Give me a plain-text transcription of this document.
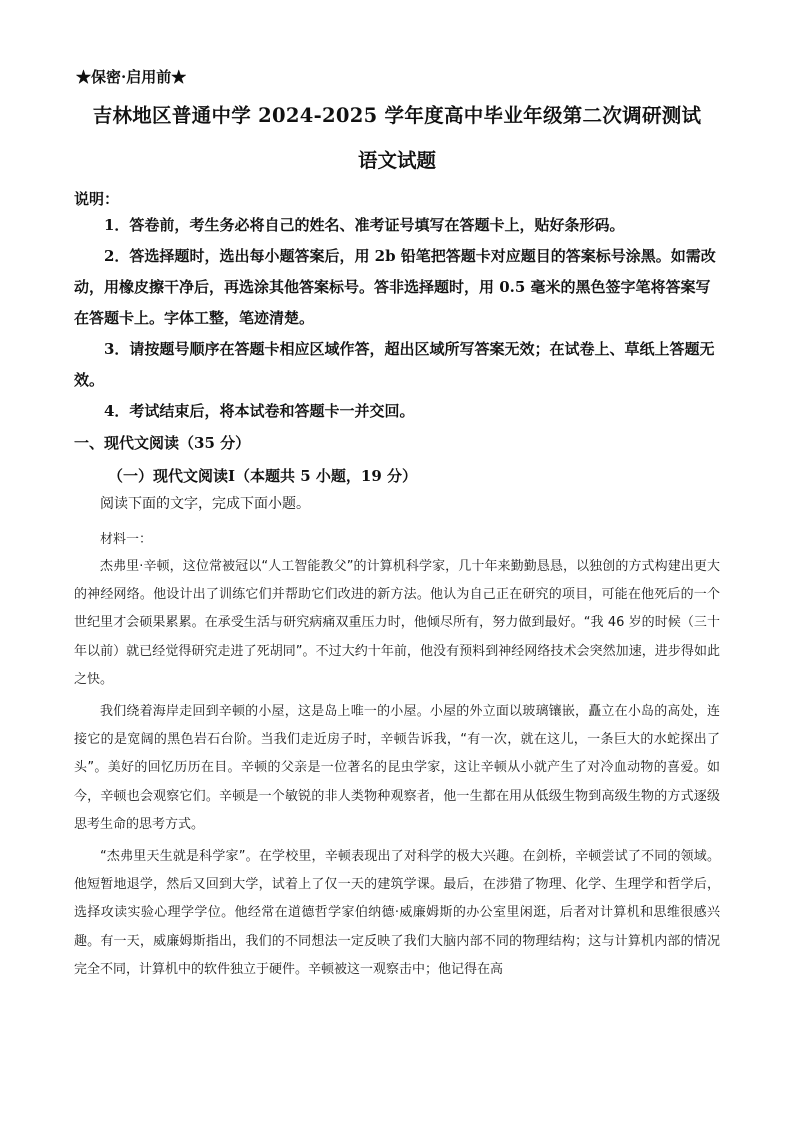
★保密·启用前★
吉林地区普通中学 2024-2025 学年度高中毕业年级第二次调研测试
语文试题
说明：

1．答卷前，考生务必将自己的姓名、准考证号填写在答题卡上，贴好条形码。

2．答选择题时，选出每小题答案后，用 2b 铅笔把答题卡对应题目的答案标号涂黑。如需改动，用橡皮擦干净后，再选涂其他答案标号。答非选择题时，用 0.5 毫米的黑色签字笔将答案写在答题卡上。字体工整，笔迹清楚。

3．请按题号顺序在答题卡相应区域作答，超出区域所写答案无效；在试卷上、草纸上答题无效。

4．考试结束后，将本试卷和答题卡一并交回。

一、现代文阅读（35 分）
（一）现代文阅读Ⅰ（本题共 5 小题，19 分）
阅读下面的文字，完成下面小题。
材料一：

杰弗里·辛顿，这位常被冠以“人工智能教父”的计算机科学家，几十年来勤勤恳恳，以独创的方式构建出更大的神经网络。他设计出了训练它们并帮助它们改进的新方法。他认为自己正在研究的项目，可能在他死后的一个世纪里才会硕果累累。在承受生活与研究病痛双重压力时，他倾尽所有，努力做到最好。“我 46 岁的时候（三十年以前）就已经觉得研究走进了死胡同”。不过大约十年前，他没有预料到神经网络技术会突然加速，进步得如此之快。

我们绕着海岸走回到辛顿的小屋，这是岛上唯一的小屋。小屋的外立面以玻璃镶嵌，矗立在小岛的高处，连接它的是宽阔的黑色岩石台阶。当我们走近房子时，辛顿告诉我，“有一次，就在这儿，一条巨大的水蛇探出了头”。美好的回忆历历在目。辛顿的父亲是一位著名的昆虫学家，这让辛顿从小就产生了对冷血动物的喜爱。如今，辛顿也会观察它们。辛顿是一个敏锐的非人类物种观察者，他一生都在用从低级生物到高级生物的方式逐级思考生命的思考方式。

“杰弗里天生就是科学家”。在学校里，辛顿表现出了对科学的极大兴趣。在剑桥，辛顿尝试了不同的领域。他短暂地退学，然后又回到大学，试着上了仅一天的建筑学课。最后，在涉猎了物理、化学、生理学和哲学后，选择攻读实验心理学学位。他经常在道德哲学家伯纳德·威廉姆斯的办公室里闲逛，后者对计算机和思维很感兴趣。有一天，威廉姆斯指出，我们的不同想法一定反映了我们大脑内部不同的物理结构；这与计算机内部的情况完全不同，计算机中的软件独立于硬件。辛顿被这一观察击中；他记得在高
